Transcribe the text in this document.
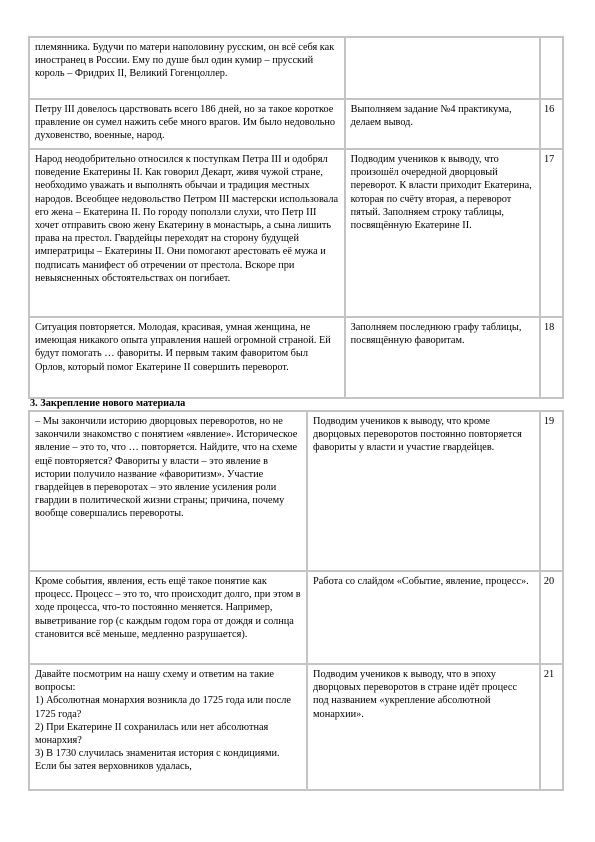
племянника. Будучи по матери наполовину русским, он всё себя как иностранец в России. Ему по душе был один кумир – прусский король – Фридрих II, Великий Гогенцоллер.		
Петру III довелось царствовать всего 186 дней, но за такое короткое правление он сумел нажить себе много врагов. Им было недовольно духовенство, военные, народ.	Выполняем задание №4 практикума, делаем вывод.	16
Народ неодобрительно относился к поступкам Петра III и одобрял поведение Екатерины II. Как говорил Декарт, живя чужой стране, необходимо уважать и выполнять обычаи и традиция местных народов. Всеобщее недовольство Петром III мастерски использовала его жена – Екатерина II. По городу поползли слухи, что Петр III хочет отправить свою жену Екатерину в монастырь, а сына лишить права на престол. Гвардейцы переходят на сторону будущей императрицы – Екатерины II. Они помогают арестовать её мужа и подписать манифест об отречении от престола. Вскоре при невыясненных обстоятельствах он погибает.	Подводим учеников к выводу, что произошёл очередной дворцовый переворот. К власти приходит Екатерина, которая по счёту вторая, а переворот пятый. Заполняем строку таблицы, посвящённую Екатерине II.	17
Ситуация повторяется. Молодая, красивая, умная женщина, не имеющая никакого опыта управления нашей огромной страной. Ей будут помогать … фавориты. И первым таким фаворитом был Орлов, который помог Екатерине II совершить переворот.	Заполняем последнюю графу таблицы, посвящённую фаворитам.	18
3. Закрепление нового материала
– Мы закончили историю дворцовых переворотов, но не закончили знакомство с понятием «явление». Историческое явление – это то, что … повторяется. Найдите, что на схеме ещё повторяется? Фавориты у власти – это явление в истории получило название «фаворитизм». Участие гвардейцев в переворотах – это явление усиления роли гвардии в политической жизни страны; причина, почему вообще совершались перевороты.	Подводим учеников к выводу, что кроме дворцовых переворотов постоянно повторяется фавориты у власти и участие гвардейцев.	19
Кроме события, явления, есть ещё такое понятие как процесс. Процесс – это то, что происходит долго, при этом в ходе процесса, что-то постоянно меняется. Например, выветривание гор (с каждым годом гора от дождя и солнца становится всё меньше, медленно разрушается).	Работа со слайдом «Событие, явление, процесс».	20

Давайте посмотрим на нашу схему и ответим на такие вопросы:

1) Абсолютная монархия возникла до 1725 года или после 1725 года?

2) При Екатерине II сохранилась или нет абсолютная монархия?

3) В 1730 случилась знаменитая история с кондициями. Если бы затея верховников удалась,	Подводим учеников к выводу, что в эпоху дворцовых переворотов в стране идёт процесс под названием «укрепление абсолютной монархии».	21
